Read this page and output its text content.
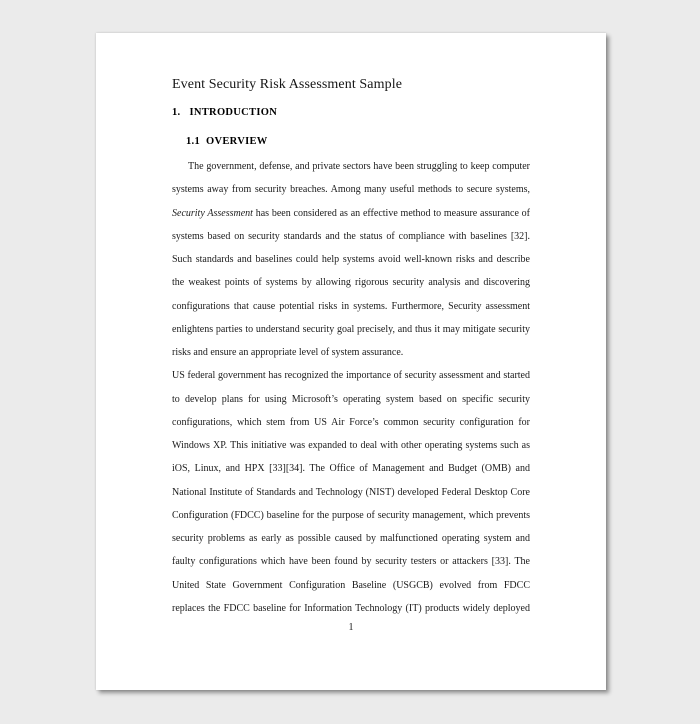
Event Security Risk Assessment Sample
1. INTRODUCTION
1.1 OVERVIEW

The government, defense, and private sectors have been struggling to keep computer systems away from security breaches. Among many useful methods to secure systems, Security Assessment has been considered as an effective method to measure assurance of systems based on security standards and the status of compliance with baselines [32]. Such standards and baselines could help systems avoid well-known risks and describe the weakest points of systems by allowing rigorous security analysis and discovering configurations that cause potential risks in systems. Furthermore, Security assessment enlightens parties to understand security goal precisely, and thus it may mitigate security risks and ensure an appropriate level of system assurance.

US federal government has recognized the importance of security assessment and started to develop plans for using Microsoft’s operating system based on specific security configurations, which stem from US Air Force’s common security configuration for Windows XP. This initiative was expanded to deal with other operating systems such as iOS, Linux, and HPX [33][34]. The Office of Management and Budget (OMB) and National Institute of Standards and Technology (NIST) developed Federal Desktop Core Configuration (FDCC) baseline for the purpose of security management, which prevents security problems as early as possible caused by malfunctioned operating system and faulty configurations which have been found by security testers or attackers [33]. The United State Government Configuration Baseline (USGCB) evolved from FDCC replaces the FDCC baseline for Information Technology (IT) products widely deployed

1
